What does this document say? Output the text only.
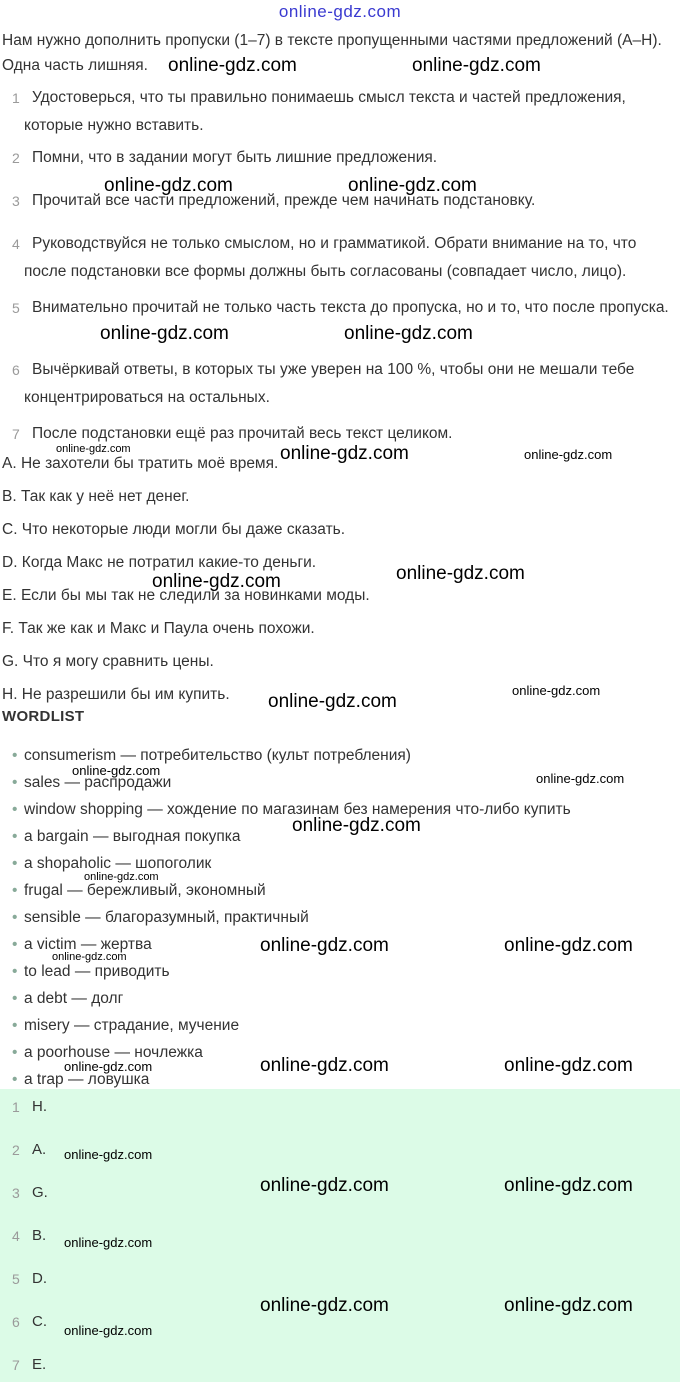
online-gdz.com
Нам нужно дополнить пропуски (1–7) в тексте пропущенными частями предложений (А–Н). Одна часть лишняя.
1 Удостоверься, что ты правильно понимаешь смысл текста и частей предложения, которые нужно вставить.
2 Помни, что в задании могут быть лишние предложения.
3 Прочитай все части предложений, прежде чем начинать подстановку.
4 Руководствуйся не только смыслом, но и грамматикой. Обрати внимание на то, что после подстановки все формы должны быть согласованы (совпадает число, лицо).
5 Внимательно прочитай не только часть текста до пропуска, но и то, что после пропуска.
6 Вычёркивай ответы, в которых ты уже уверен на 100 %, чтобы они не мешали тебе концентрироваться на остальных.
7 После подстановки ещё раз прочитай весь текст целиком.
A. Не захотели бы тратить моё время.
B. Так как у неё нет денег.
C. Что некоторые люди могли бы даже сказать.
D. Когда Макс не потратил какие-то деньги.
E. Если бы мы так не следили за новинками моды.
F. Так же как и Макс и Паула очень похожи.
G. Что я могу сравнить цены.
H. Не разрешили бы им купить.
WORDLIST
• consumerism — потребительство (культ потребления)
• sales — распродажи
• window shopping — хождение по магазинам без намерения что-либо купить
• a bargain — выгодная покупка
• a shopaholic — шопоголик
• frugal — бережливый, экономный
• sensible — благоразумный, практичный
• a victim — жертва
• to lead — приводить
• a debt — долг
• misery — страдание, мучение
• a poorhouse — ночлежка
• a trap — ловушка
1 H.
2 A.
3 G.
4 B.
5 D.
6 C.
7 E.
online-gdz.com	online-gdz.com
online-gdz.com	online-gdz.com
online-gdz.com	online-gdz.com
online-gdz.com	online-gdz.com	online-gdz.com
online-gdz.com	online-gdz.com
online-gdz.com
online-gdz.com
online-gdz.com
online-gdz.com
online-gdz.com
online-gdz.com
online-gdz.com
online-gdz.com	online-gdz.com
online-gdz.com	online-gdz.com	online-gdz.com
online-gdz.com
online-gdz.com	online-gdz.com
online-gdz.com
online-gdz.com	online-gdz.com
online-gdz.com
